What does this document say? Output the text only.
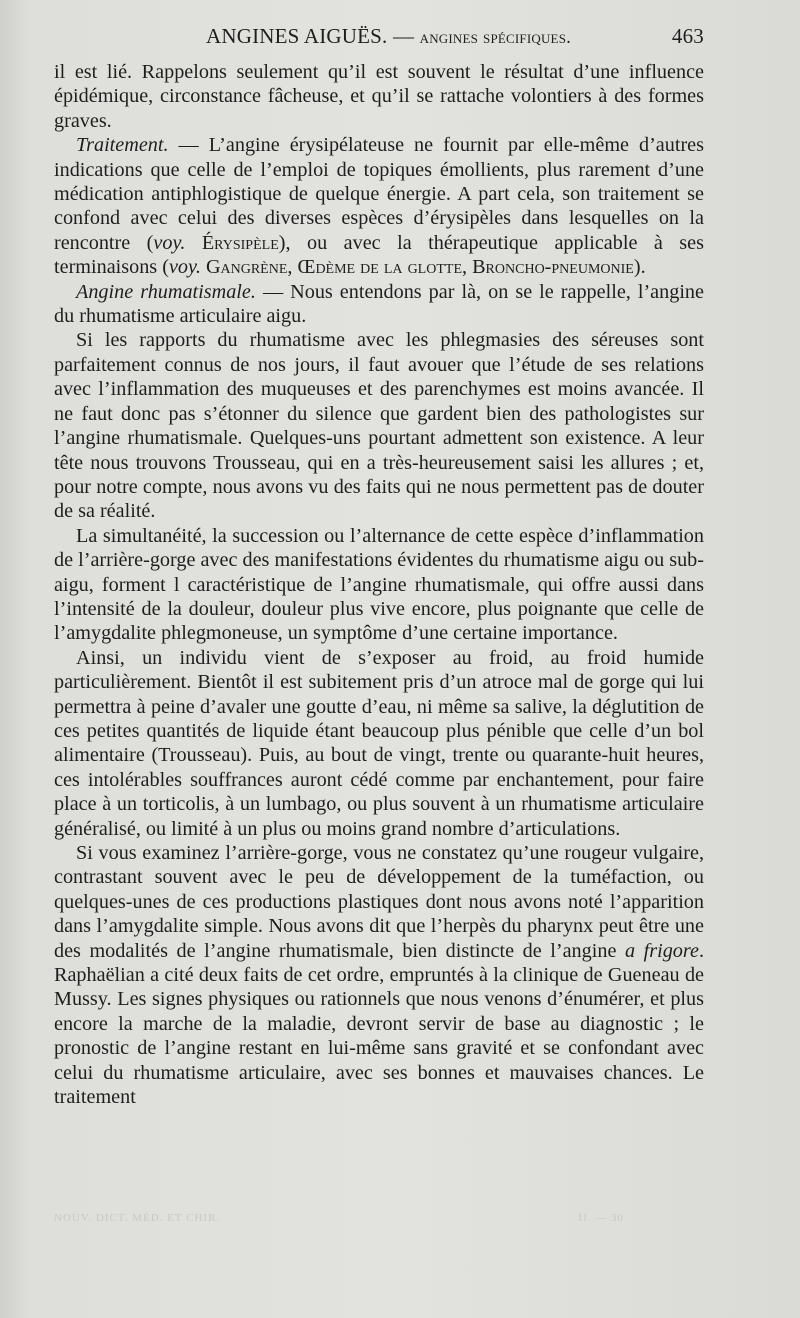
ANGINES AIGUËS. — angines spécifiques.	463

il est lié. Rappelons seulement qu’il est souvent le résultat d’une influence épidémique, circonstance fâcheuse, et qu’il se rattache volontiers à des formes graves.

Traitement. — L’angine érysipélateuse ne fournit par elle-même d’autres indications que celle de l’emploi de topiques émollients, plus rarement d’une médication antiphlogistique de quelque énergie. A part cela, son traitement se confond avec celui des diverses espèces d’érysipèles dans lesquelles on la rencontre (voy. Érysipèle), ou avec la thérapeutique applicable à ses terminaisons (voy. Gangrène, Œdème de la glotte, Broncho-pneumonie).

Angine rhumatismale. — Nous entendons par là, on se le rappelle, l’angine du rhumatisme articulaire aigu.

Si les rapports du rhumatisme avec les phlegmasies des séreuses sont parfaitement connus de nos jours, il faut avouer que l’étude de ses relations avec l’inflammation des muqueuses et des parenchymes est moins avancée. Il ne faut donc pas s’étonner du silence que gardent bien des pathologistes sur l’angine rhumatismale. Quelques-uns pourtant admettent son existence. A leur tête nous trouvons Trousseau, qui en a très-heureusement saisi les allures ; et, pour notre compte, nous avons vu des faits qui ne nous permettent pas de douter de sa réalité.

La simultanéité, la succession ou l’alternance de cette espèce d’inflammation de l’arrière-gorge avec des manifestations évidentes du rhumatisme aigu ou sub-aigu, forment l caractéristique de l’angine rhumatismale, qui offre aussi dans l’intensité de la douleur, douleur plus vive encore, plus poignante que celle de l’amygdalite phlegmoneuse, un symptôme d’une certaine importance.

Ainsi, un individu vient de s’exposer au froid, au froid humide particulièrement. Bientôt il est subitement pris d’un atroce mal de gorge qui lui permettra à peine d’avaler une goutte d’eau, ni même sa salive, la déglutition de ces petites quantités de liquide étant beaucoup plus pénible que celle d’un bol alimentaire (Trousseau). Puis, au bout de vingt, trente ou quarante-huit heures, ces intolérables souffrances auront cédé comme par enchantement, pour faire place à un torticolis, à un lumbago, ou plus souvent à un rhumatisme articulaire généralisé, ou limité à un plus ou moins grand nombre d’articulations.

Si vous examinez l’arrière-gorge, vous ne constatez qu’une rougeur vulgaire, contrastant souvent avec le peu de développement de la tuméfaction, ou quelques-unes de ces productions plastiques dont nous avons noté l’apparition dans l’amygdalite simple. Nous avons dit que l’herpès du pharynx peut être une des modalités de l’angine rhumatismale, bien distincte de l’angine a frigore. Raphaëlian a cité deux faits de cet ordre, empruntés à la clinique de Gueneau de Mussy. Les signes physiques ou rationnels que nous venons d’énumérer, et plus encore la marche de la maladie, devront servir de base au diagnostic ; le pronostic de l’angine restant en lui-même sans gravité et se confondant avec celui du rhumatisme articulaire, avec ses bonnes et mauvaises chances. Le traitement

NOUV. DICT. MÉD. ET CHIR.	II. — 30
